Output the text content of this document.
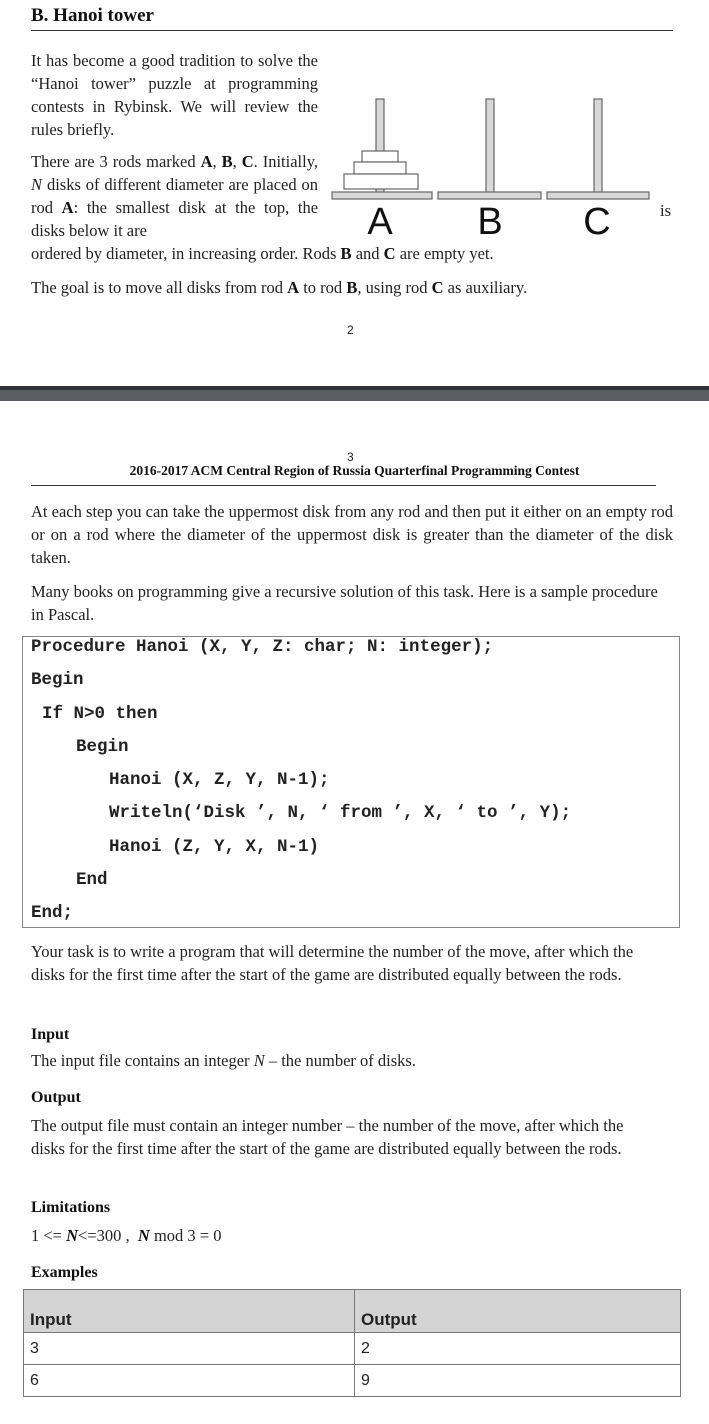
B. Hanoi tower
It has become a good tradition to solve the “Hanoi tower” puzzle at programming contests in Rybinsk. We will review the rules briefly.
There are 3 rods marked A, B, C. Initially, N disks of different diameter are placed on rod A: the smallest disk at the top, the disks below it are
is
ordered by diameter, in increasing order. Rods B and C are empty yet.
The goal is to move all disks from rod A to rod B, using rod C as auxiliary.
A B C
2
3
2016-2017 ACM Central Region of Russia Quarterfinal Programming Contest
At each step you can take the uppermost disk from any rod and then put it either on an empty rod or on a rod where the diameter of the uppermost disk is greater than the diameter of the disk taken.
Many books on programming give a recursive solution of this task. Here is a sample procedure in Pascal.
Procedure Hanoi (X, Y, Z: char; N: integer);
Begin
If N>0 then
Begin
Hanoi (X, Z, Y, N-1);
Writeln(‘Disk ’, N, ‘ from ’, X, ‘ to ’, Y);
Hanoi (Z, Y, X, N-1)
End
End;
Your task is to write a program that will determine the number of the move, after which the disks for the first time after the start of the game are distributed equally between the rods.
Input
The input file contains an integer N – the number of disks.
Output
The output file must contain an integer number – the number of the move, after which the disks for the first time after the start of the game are distributed equally between the rods.
Limitations
1 <= N<=300 , N mod 3 = 0
Examples
Input	Output
3	2
6	9
